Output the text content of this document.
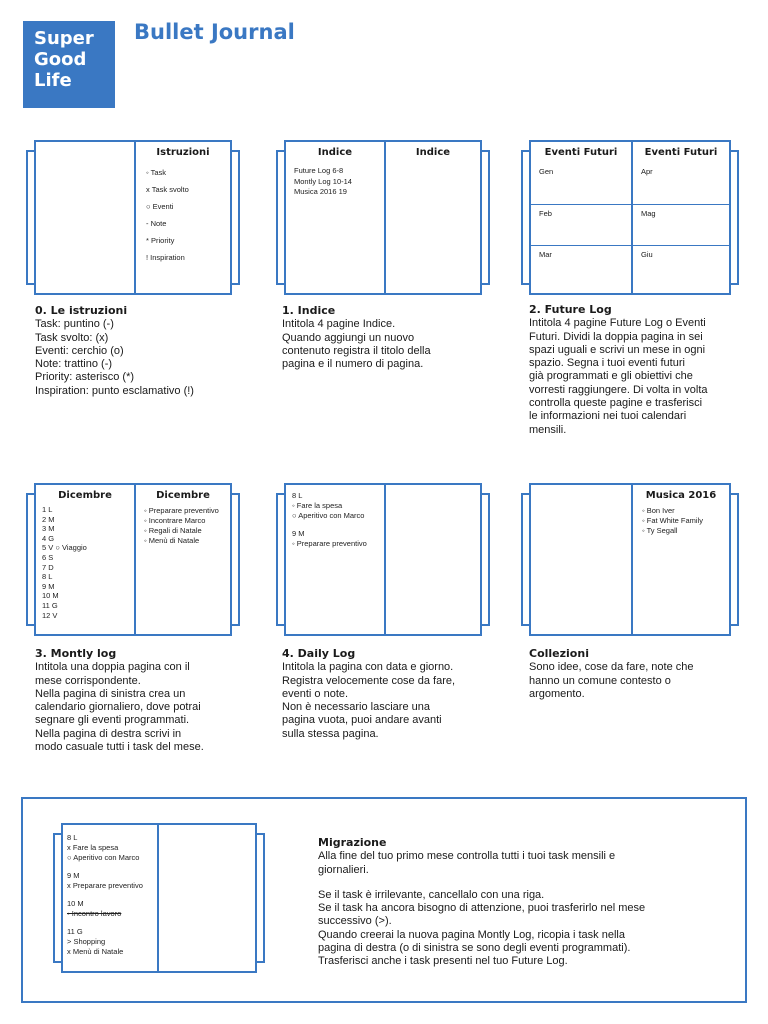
Super
Good
Life
Bullet Journal
Istruzioni
◦ Task
x Task svolto
○ Eventi
- Note
* Priority
! Inspiration
Indice
Future Log 6-8
Montly Log 10-14
Musica 2016 19
Indice	Eventi Futuri
Gen
Feb
Mar
Eventi Futuri
Apr
Mag
Giu
0. Le istruzioni
Task: puntino (-)
Task svolto: (x)
Eventi: cerchio (o)
Note: trattino (-)
Priority: asterisco (*)
Inspiration: punto esclamativo (!)
1. Indice
Intitola 4 pagine Indice.
Quando aggiungi un nuovo
contenuto registra il titolo della
pagina e il numero di pagina.
2. Future Log
Intitola 4 pagine Future Log o Eventi
Futuri. Dividi la doppia pagina in sei
spazi uguali e scrivi un mese in ogni
spazio. Segna i tuoi eventi futuri
già programmati e gli obiettivi che
vorresti raggiungere. Di volta in volta
controlla queste pagine e trasferisci
le informazioni nei tuoi calendari
mensili.
Dicembre
1 L
2 M
3 M
4 G
5 V ○ Viaggio
6 S
7 D
8 L
9 M
10 M
11 G
12 V
Dicembre
◦ Preparare preventivo
◦ Incontrare Marco
◦ Regali di Natale
◦ Menù di Natale
8 L
◦ Fare la spesa
○ Aperitivo con Marco
9 M
◦ Preparare preventivo
Musica 2016
◦ Bon Iver
◦ Fat White Family
◦ Ty Segall
3. Montly log
Intitola una doppia pagina con il
mese corrispondente.
Nella pagina di sinistra crea un
calendario giornaliero, dove potrai
segnare gli eventi programmati.
Nella pagina di destra scrivi in
modo casuale tutti i task del mese.
4. Daily Log
Intitola la pagina con data e giorno.
Registra velocemente cose da fare,
eventi o note.
Non è necessario lasciare una
pagina vuota, puoi andare avanti
sulla stessa pagina.
Collezioni
Sono idee, cose da fare, note che
hanno un comune contesto o
argomento.
8 L
x Fare la spesa
○ Aperitivo con Marco
9 M
x Preparare preventivo
10 M
◦ Incontro lavoro
11 G
> Shopping
x Menù di Natale
Migrazione
Alla fine del tuo primo mese controlla tutti i tuoi task mensili e
giornalieri.
Se il task è irrilevante, cancellalo con una riga.
Se il task ha ancora bisogno di attenzione, puoi trasferirlo nel mese
successivo (>).
Quando creerai la nuova pagina Montly Log, ricopia i task nella
pagina di destra (o di sinistra se sono degli eventi programmati).
Trasferisci anche i task presenti nel tuo Future Log.
